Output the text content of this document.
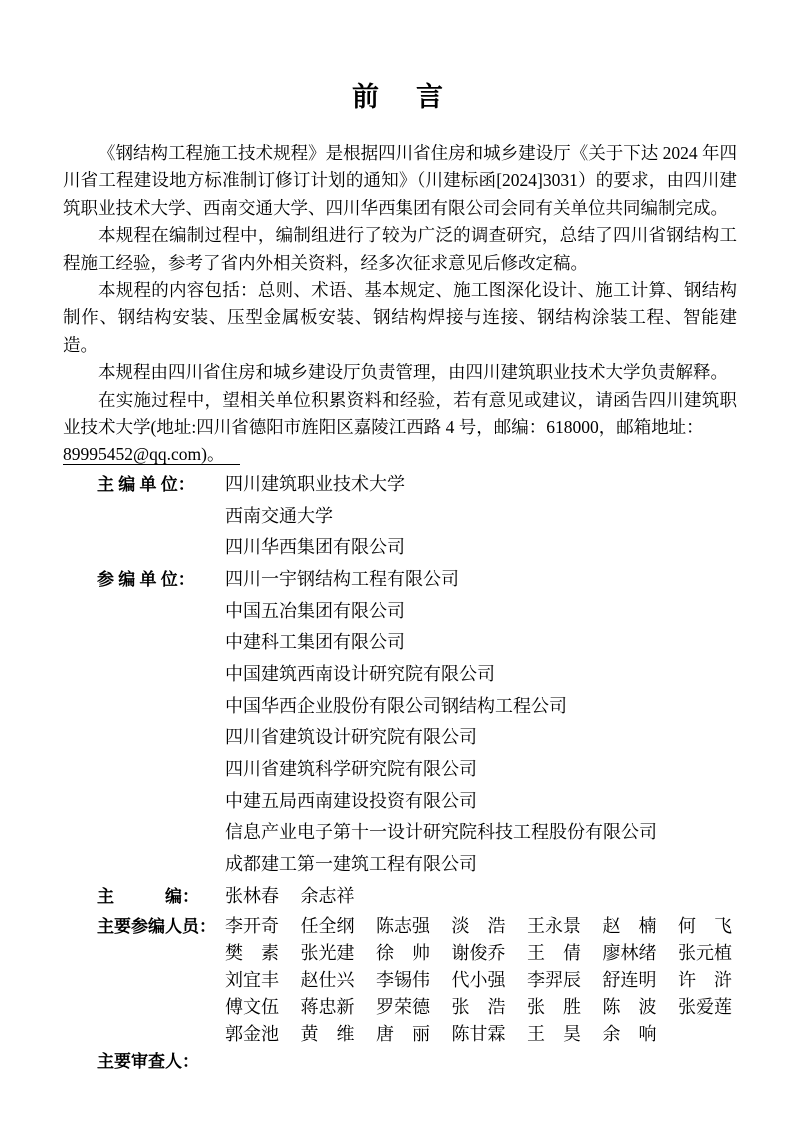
前　言

《钢结构工程施工技术规程》是根据四川省住房和城乡建设厅《关于下达 2024 年四川省工程建设地方标准制订修订计划的通知》（川建标函[2024]3031）的要求，由四川建筑职业技术大学、西南交通大学、四川华西集团有限公司会同有关单位共同编制完成。

本规程在编制过程中，编制组进行了较为广泛的调查研究，总结了四川省钢结构工程施工经验，参考了省内外相关资料，经多次征求意见后修改定稿。

本规程的内容包括：总则、术语、基本规定、施工图深化设计、施工计算、钢结构制作、钢结构安装、压型金属板安装、钢结构焊接与连接、钢结构涂装工程、智能建造。

本规程由四川省住房和城乡建设厅负责管理，由四川建筑职业技术大学负责解释。

在实施过程中，望相关单位积累资料和经验，若有意见或建议，请函告四川建筑职业技术大学(地址:四川省德阳市旌阳区嘉陵江西路 4 号，邮编：618000，邮箱地址：
89995452@qq.com)。

主 编 单 位：	四川建筑职业技术大学
西南交通大学
四川华西集团有限公司
参 编 单 位：	四川一宇钢结构工程有限公司
中国五冶集团有限公司
中建科工集团有限公司
中国建筑西南设计研究院有限公司
中国华西企业股份有限公司钢结构工程公司
四川省建筑设计研究院有限公司
四川省建筑科学研究院有限公司
中建五局西南建设投资有限公司
信息产业电子第十一设计研究院科技工程股份有限公司
成都建工第一建筑工程有限公司
主　　　编：	张林春 余志祥
主要参编人员： 李开奇 任全纲 陈志强 淡　浩 王永景 赵　楠 何　飞
樊　素 张光建 徐　帅 谢俊乔 王　倩 廖林绪 张元植
刘宜丰 赵仕兴 李锡伟 代小强 李羿辰 舒连明 许　浒
傅文伍 蒋忠新 罗荣德 张　浩 张　胜 陈　波 张爱莲
郭金池 黄　维 唐　丽 陈甘霖 王　昊 余　响
主要审查人：
